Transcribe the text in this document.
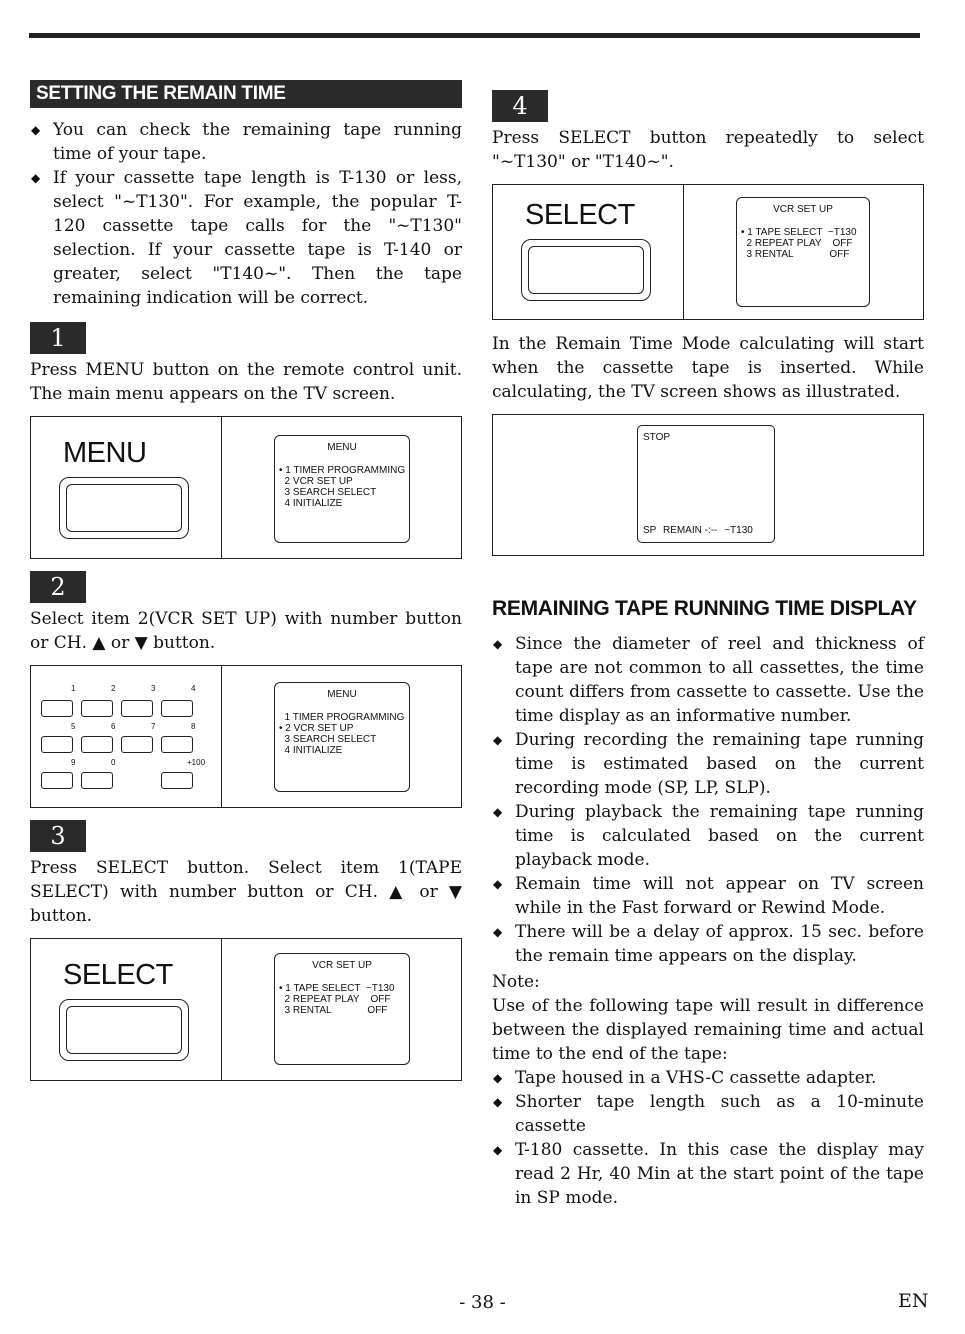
SETTING THE REMAIN TIME
◆ You can check the remaining tape running time of your tape.
◆ If your cassette tape length is T-130 or less, select "~T130". For example, the popular T-120 cassette tape calls for the "~T130" selection. If your cassette tape is T-140 or greater, select "T140~". Then the tape remaining indication will be correct.
1

Press MENU button on the remote control unit. The main menu appears on the TV screen.

MENU	MENU
• 1 TIMER PROGRAMMING
2 VCR SET UP
3 SEARCH SELECT
4 INITIALIZE
2

Select item 2(VCR SET UP) with number button or CH. ▲ or ▼ button.

1	2	3	4
5	6	7	8
9	0	+100
MENU
1 TIMER PROGRAMMING
• 2 VCR SET UP
3 SEARCH SELECT
4 INITIALIZE
3

Press SELECT button. Select item 1(TAPE SELECT) with number button or CH. ▲ or ▼ button.

SELECT	VCR SET UP
• 1 TAPE SELECT  ~T130
2 REPEAT PLAY    OFF
3 RENTAL             OFF
4

Press SELECT button repeatedly to select "~T130" or "T140~".

SELECT	VCR SET UP
• 1 TAPE SELECT  ~T130
2 REPEAT PLAY    OFF
3 RENTAL             OFF

In the Remain Time Mode calculating will start when the cassette tape is inserted. While calculating, the TV screen shows as illustrated.

STOP
SP REMAIN -:-- ~T130
REMAINING TAPE RUNNING TIME DISPLAY
◆ Since the diameter of reel and thickness of tape are not common to all cassettes, the time count differs from cassette to cassette. Use the time display as an informative number.
◆ During recording the remaining tape running time is estimated based on the current recording mode (SP, LP, SLP).
◆ During playback the remaining tape running time is calculated based on the current playback mode.
◆ Remain time will not appear on TV screen while in the Fast forward or Rewind Mode.
◆ There will be a delay of approx. 15 sec. before the remain time appears on the display.
Note:
Use of the following tape will result in difference between the displayed remaining time and actual time to the end of the tape:
◆ Tape housed in a VHS-C cassette adapter.
◆ Shorter tape length such as a 10-minute cassette
◆ T-180 cassette. In this case the display may read 2 Hr, 40 Min at the start point of the tape in SP mode.
- 38 -	EN
